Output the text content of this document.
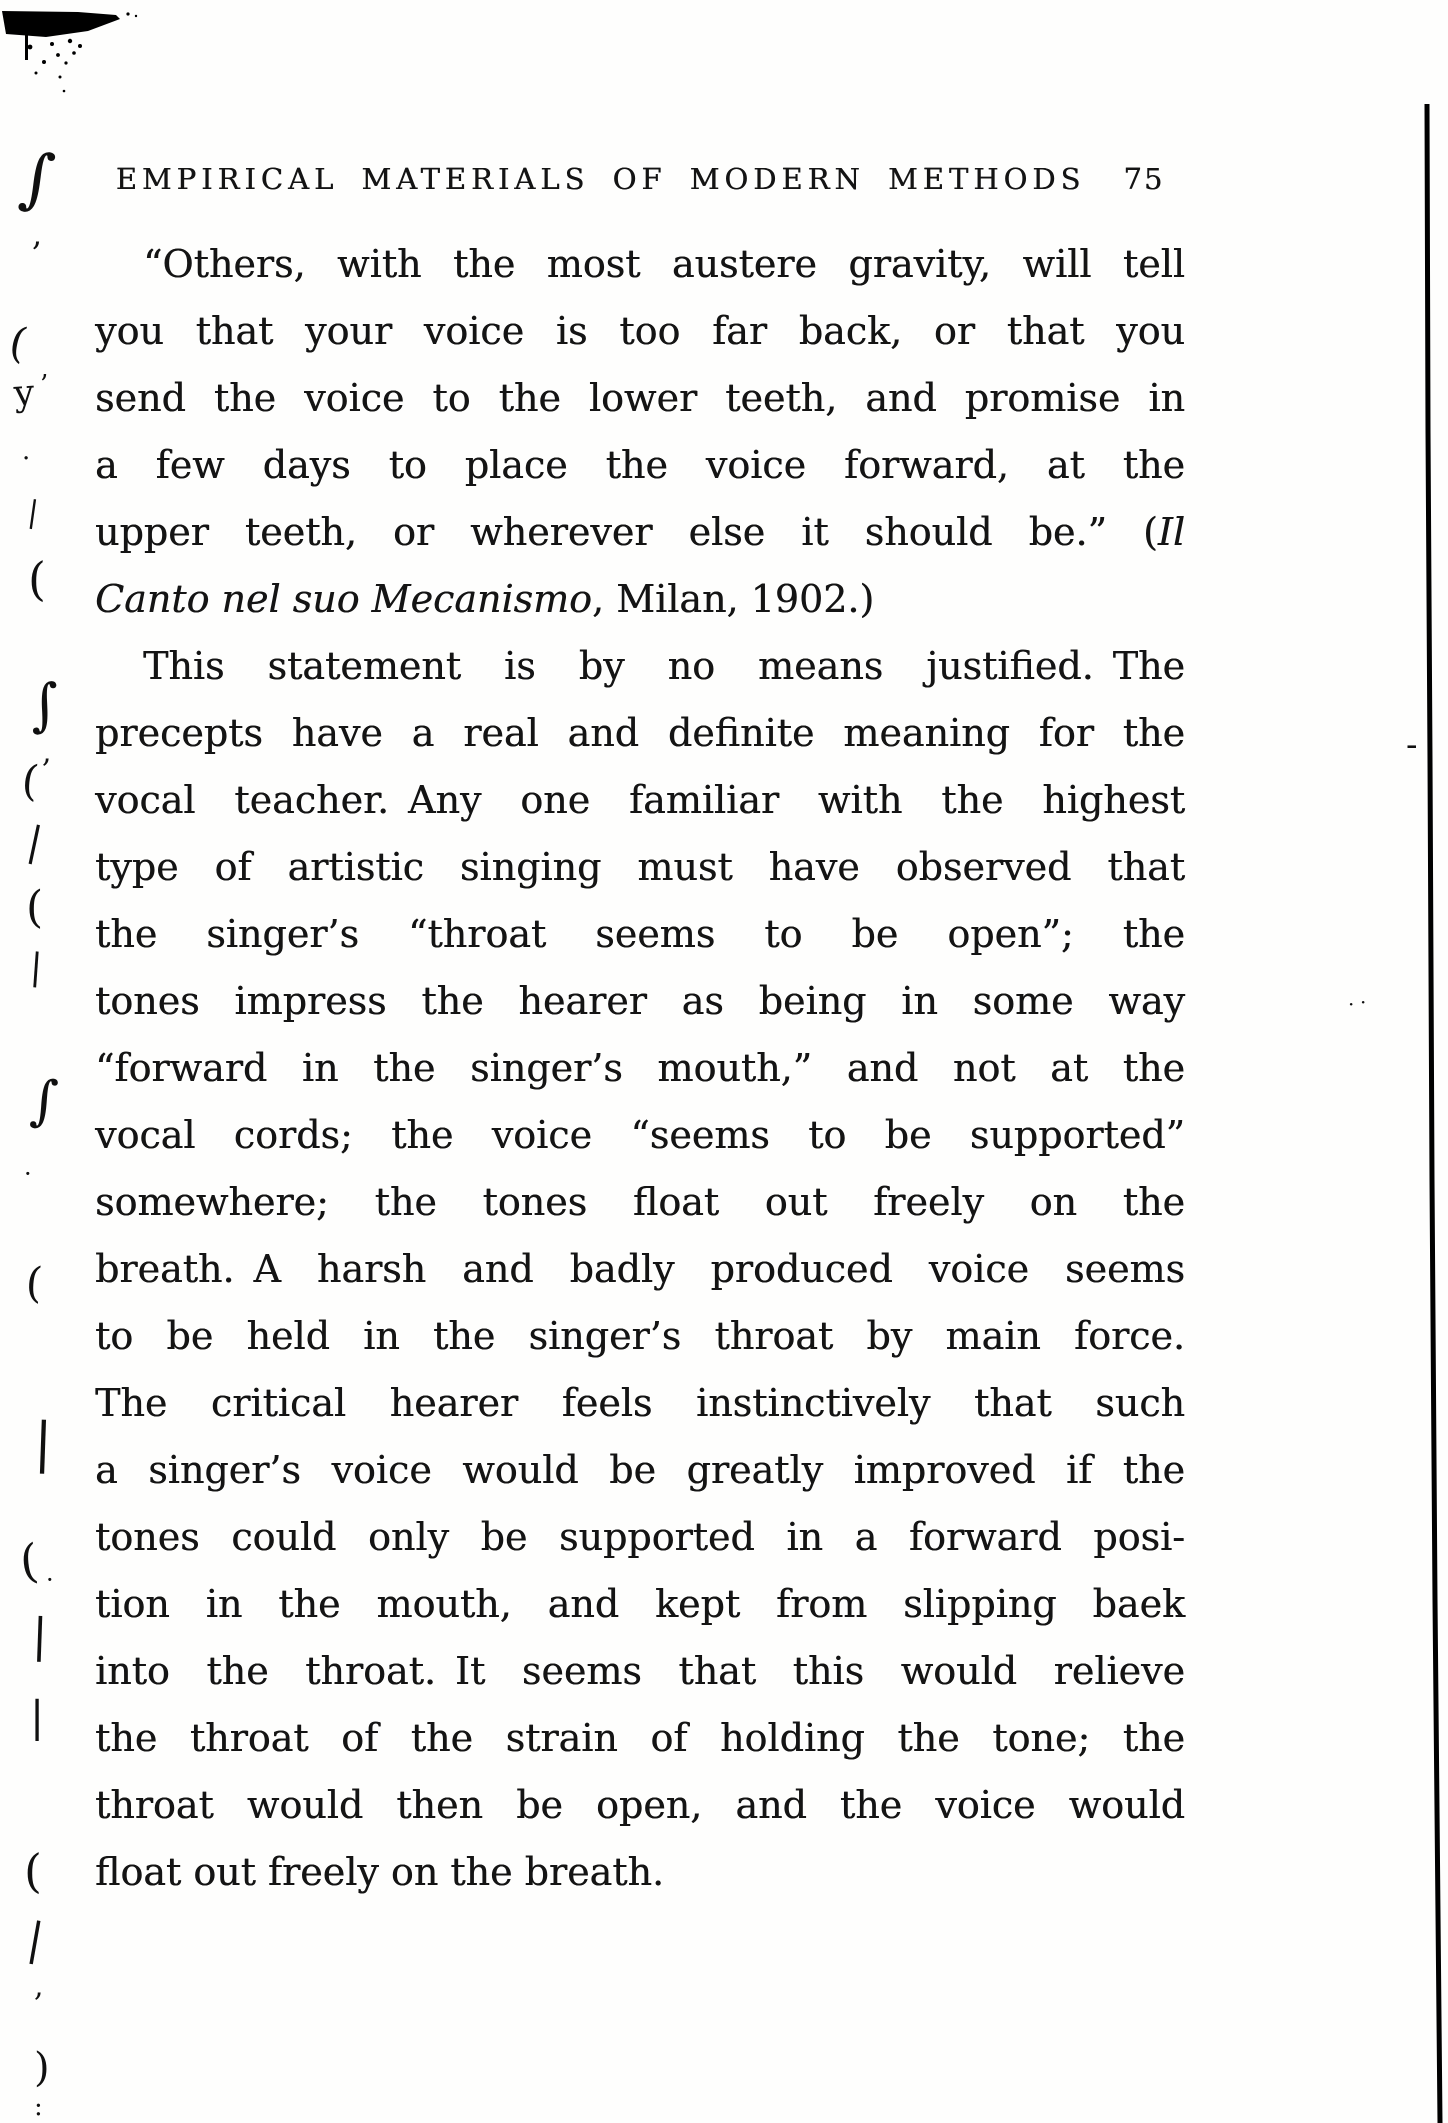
EMPIRICAL MATERIALS OF MODERN METHODS 75
“Others, with the most austere gravity, will tell
you that your voice is too far back, or that you
send the voice to the lower teeth, and promise in
a few days to place the voice forward, at the
upper teeth, or wherever else it should be.” (Il
Canto nel suo Mecanismo, Milan, 1902.)
This statement is by no means justified. The
precepts have a real and definite meaning for the
vocal teacher. Any one familiar with the highest
type of artistic singing must have observed that
the singer’s “throat seems to be open”; the
tones impress the hearer as being in some way
“forward in the singer’s mouth,” and not at the
vocal cords; the voice “seems to be supported”
somewhere; the tones float out freely on the
breath. A harsh and badly produced voice seems
to be held in the singer’s throat by main force.
The critical hearer feels instinctively that such
a singer’s voice would be greatly improved if the
tones could only be supported in a forward posi-
tion in the mouth, and kept from slipping baеk
into the throat. It seems that this would relieve
the throat of the strain of holding the tone; the
throat would then be open, and the voice would
float out freely on the breath.
∫
,
(
y ’
·
|
(
∫
,
(
|
(
|
∫
·
(
|
( ·
|
|
(
|
,
)
:
-
· ·
